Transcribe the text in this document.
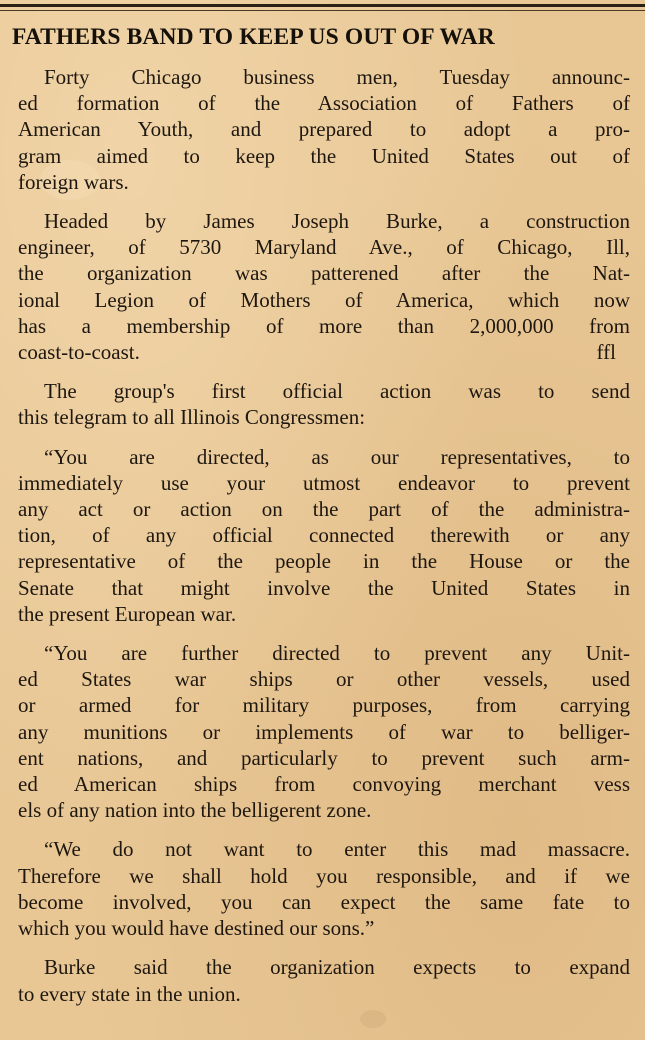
FATHERS BAND TO KEEP US OUT OF WAR

Forty Chicago business men, Tuesday announc-
ed formation of the Association of Fathers of
American Youth, and prepared to adopt a pro-
gram aimed to keep the United States out of
foreign wars.

Headed by James Joseph Burke, a construction
engineer, of 5730 Maryland Ave., of Chicago, Ill,
the organization was patterened after the Nat-
ional Legion of Mothers of America, which now
has a membership of more than 2,000,000 from
coast-to-coast.	ffl

The group's first official action was to send
this telegram to all Illinois Congressmen:

“You are directed, as our representatives, to
immediately use your utmost endeavor to prevent
any act or action on the part of the administra-
tion, of any official connected therewith or any
representative of the people in the House or the
Senate that might involve the United States in
the present European war.

“You are further directed to prevent any Unit-
ed States war ships or other vessels, used
or armed for military purposes, from carrying
any munitions or implements of war to belliger-
ent nations, and particularly to prevent such arm-
ed American ships from convoying merchant vess
els of any nation into the belligerent zone.

“We do not want to enter this mad massacre.
Therefore we shall hold you responsible, and if we
become involved, you can expect the same fate to
which you would have destined our sons.”

Burke said the organization expects to expand
to every state in the union.
